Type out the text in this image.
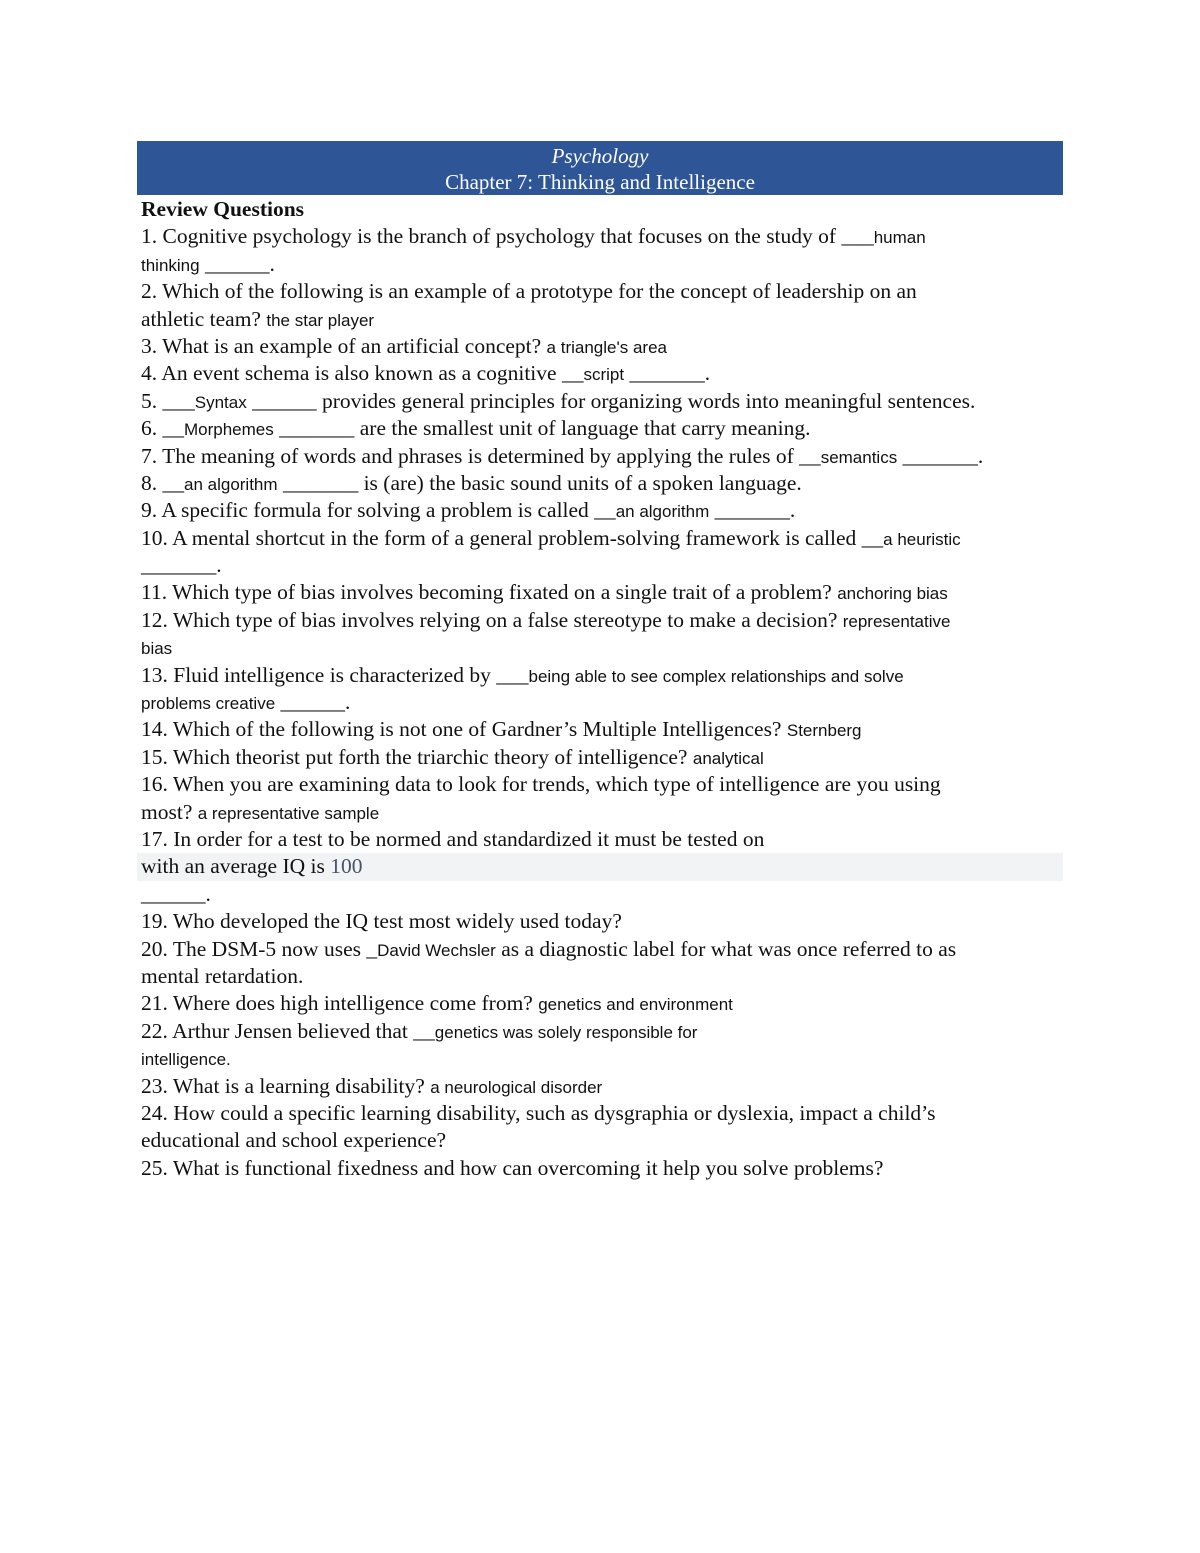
Psychology
Chapter 7: Thinking and Intelligence
Review Questions
1. Cognitive psychology is the branch of psychology that focuses on the study of ___human
thinking ______.
2. Which of the following is an example of a prototype for the concept of leadership on an
athletic team? the star player
3. What is an example of an artificial concept? a triangle's area
4. An event schema is also known as a cognitive __script _______.
5. ___Syntax ______ provides general principles for organizing words into meaningful sentences.
6. __Morphemes _______ are the smallest unit of language that carry meaning.
7. The meaning of words and phrases is determined by applying the rules of __semantics _______.
8. __an algorithm _______ is (are) the basic sound units of a spoken language.
9. A specific formula for solving a problem is called __an algorithm _______.
10. A mental shortcut in the form of a general problem-solving framework is called __a heuristic
_______.
11. Which type of bias involves becoming fixated on a single trait of a problem? anchoring bias
12. Which type of bias involves relying on a false stereotype to make a decision? representative
bias
13. Fluid intelligence is characterized by ___being able to see complex relationships and solve
problems creative ______.
14. Which of the following is not one of Gardner’s Multiple Intelligences? Sternberg
15. Which theorist put forth the triarchic theory of intelligence? analytical
16. When you are examining data to look for trends, which type of intelligence are you using
most? a representative sample
17. In order for a test to be normed and standardized it must be tested on
with an average IQ is 100
______.
19. Who developed the IQ test most widely used today?
20. The DSM-5 now uses _David Wechsler as a diagnostic label for what was once referred to as
mental retardation.
21. Where does high intelligence come from? genetics and environment
22. Arthur Jensen believed that __genetics was solely responsible for
intelligence.
23. What is a learning disability? a neurological disorder
24. How could a specific learning disability, such as dysgraphia or dyslexia, impact a child’s
educational and school experience?
25. What is functional fixedness and how can overcoming it help you solve problems?
